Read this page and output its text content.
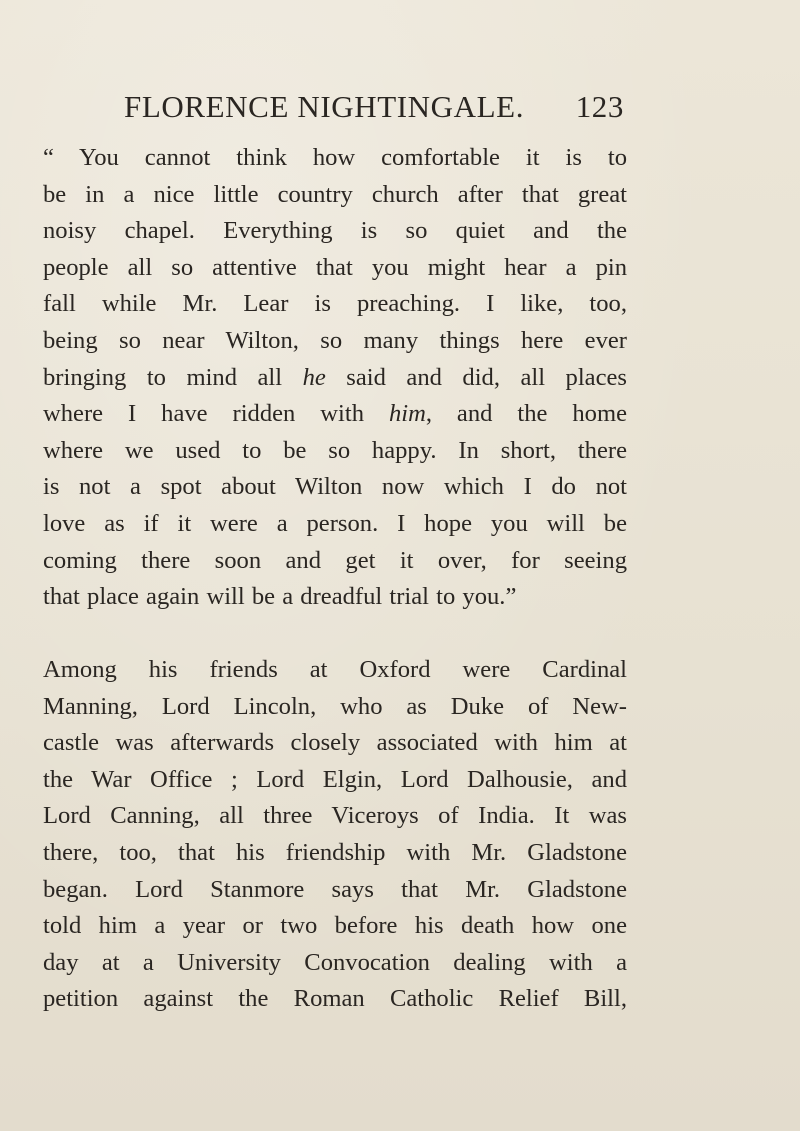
FLORENCE NIGHTINGALE. 123
“ You cannot think how comfortable it is to
be in a nice little country church after that great
noisy chapel. Everything is so quiet and the
people all so attentive that you might hear a pin
fall while Mr. Lear is preaching. I like, too,
being so near Wilton, so many things here ever
bringing to mind all he said and did, all places
where I have ridden with him, and the home
where we used to be so happy. In short, there
is not a spot about Wilton now which I do not
love as if it were a person. I hope you will be
coming there soon and get it over, for seeing
that place again will be a dreadful trial to you.”
Among his friends at Oxford were Cardinal
Manning, Lord Lincoln, who as Duke of New-
castle was afterwards closely associated with him at
the War Office ; Lord Elgin, Lord Dalhousie, and
Lord Canning, all three Viceroys of India. It was
there, too, that his friendship with Mr. Gladstone
began. Lord Stanmore says that Mr. Gladstone
told him a year or two before his death how one
day at a University Convocation dealing with a
petition against the Roman Catholic Relief Bill,
